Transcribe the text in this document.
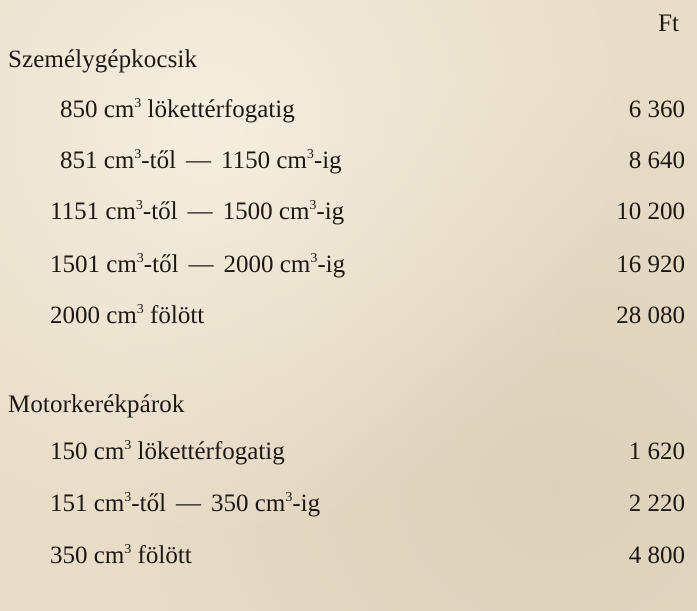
Ft
Személygépkocsik
850 $cm^3$ lökettérfogatig	6 360
851 $cm^3$-től — 1150 $cm^3-ig$	8 640
1151 $cm^3$-től — 1500 $cm^3-ig$	10 200
1501 $cm^3$-től — 2000 $cm^3-ig$	16 920
2000 $cm^3$ fölött	28 080
Motorkerékpárok
150 $cm^3$ lökettérfogatig	1 620
151 $cm^3$-től — 350 $cm^3-ig$	2 220
350 $cm^3$ fölött	4 800
